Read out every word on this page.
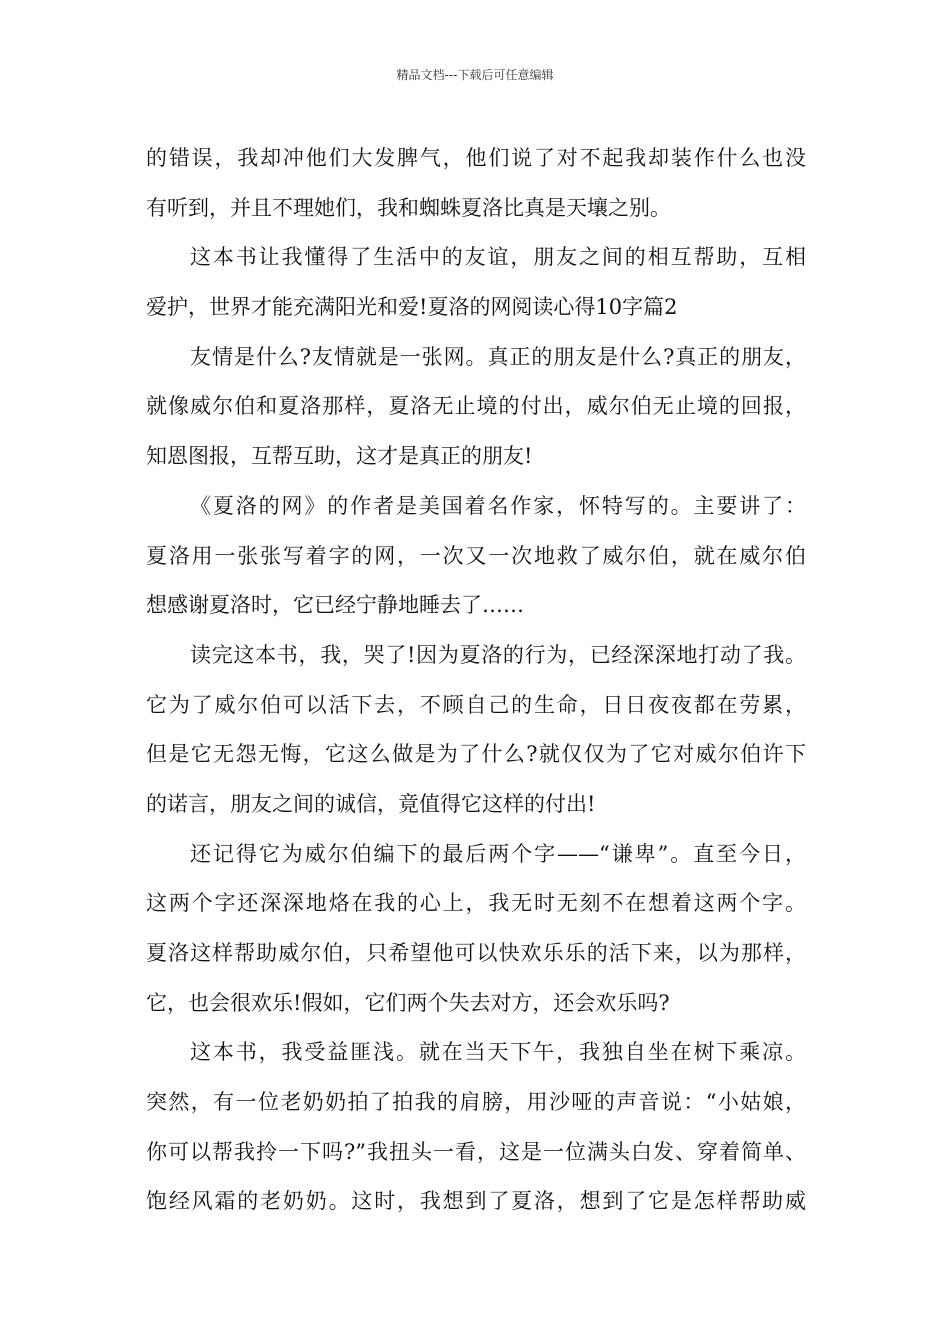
精品文档---下载后可任意编辑
的错误，我却冲他们大发脾气，他们说了对不起我却装作什么也没
有听到，并且不理她们，我和蜘蛛夏洛比真是天壤之别。
这本书让我懂得了生活中的友谊，朋友之间的相互帮助，互相
爱护，世界才能充满阳光和爱!夏洛的网阅读心得10字篇2
友情是什么?友情就是一张网。真正的朋友是什么?真正的朋友，
就像威尔伯和夏洛那样，夏洛无止境的付出，威尔伯无止境的回报，
知恩图报，互帮互助，这才是真正的朋友!
《夏洛的网》的作者是美国着名作家，怀特写的。主要讲了：
夏洛用一张张写着字的网，一次又一次地救了威尔伯，就在威尔伯
想感谢夏洛时，它已经宁静地睡去了……
读完这本书，我，哭了!因为夏洛的行为，已经深深地打动了我。
它为了威尔伯可以活下去，不顾自己的生命，日日夜夜都在劳累，
但是它无怨无悔，它这么做是为了什么?就仅仅为了它对威尔伯许下
的诺言，朋友之间的诚信，竟值得它这样的付出!
还记得它为威尔伯编下的最后两个字——“谦卑”。直至今日，
这两个字还深深地烙在我的心上，我无时无刻不在想着这两个字。
夏洛这样帮助威尔伯，只希望他可以快欢乐乐的活下来，以为那样，
它，也会很欢乐!假如，它们两个失去对方，还会欢乐吗?
这本书，我受益匪浅。就在当天下午，我独自坐在树下乘凉。
突然，有一位老奶奶拍了拍我的肩膀，用沙哑的声音说：“小姑娘，
你可以帮我拎一下吗?”我扭头一看，这是一位满头白发、穿着简单、
饱经风霜的老奶奶。这时，我想到了夏洛，想到了它是怎样帮助威
